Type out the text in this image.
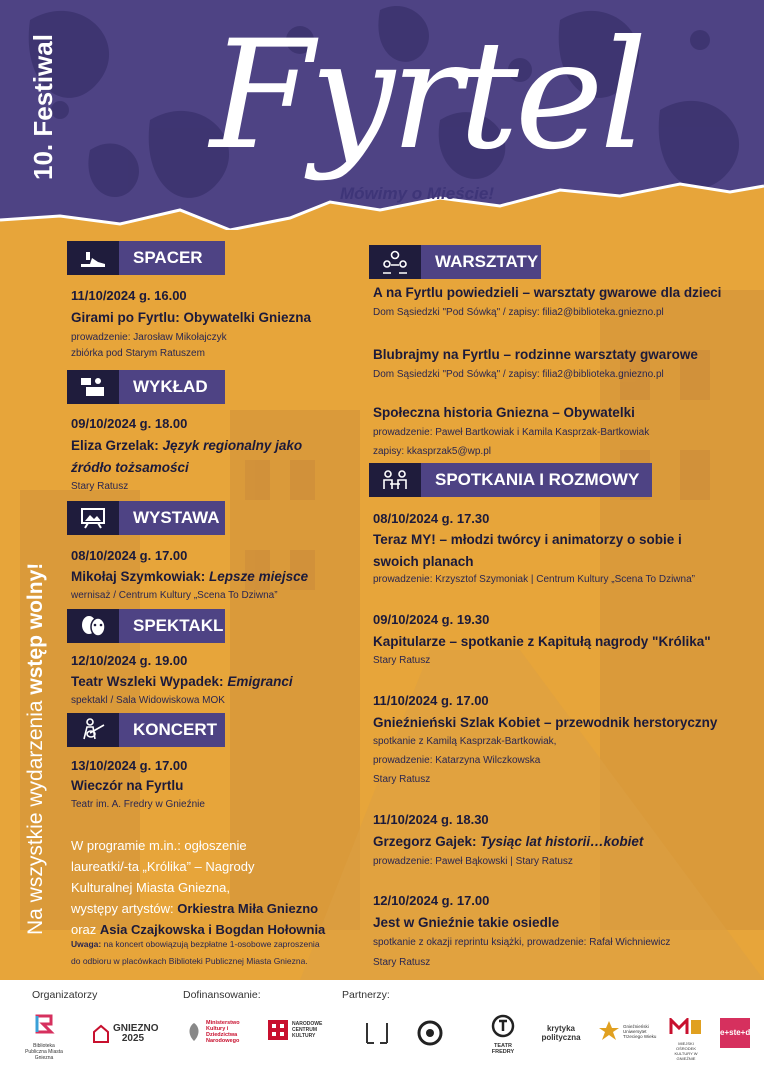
Fyrtel
Mówimy o Mieście!
10. Festiwal
Na wszystkie wydarzenia wstęp wolny!
SPACER
11/10/2024 g. 16.00
Girami po Fyrtlu: Obywatelki Gniezna
prowadzenie: Jarosław Mikołajczyk
zbiórka pod Starym Ratuszem
WYKŁAD
09/10/2024 g. 18.00
Eliza Grzelak: Język regionalny jako
źródło tożsamości
Stary Ratusz
WYSTAWA
08/10/2024 g. 17.00
Mikołaj Szymkowiak: Lepsze miejsce
wernisaż / Centrum Kultury „Scena To Dziwna”
SPEKTAKL
12/10/2024 g. 19.00
Teatr Wszleki Wypadek: Emigranci
spektakl / Sala Widowiskowa MOK
KONCERT
13/10/2024 g. 17.00
Wieczór na Fyrtlu
Teatr im. A. Fredry w Gnieźnie
W programie m.in.: ogłoszenie
laureatki/-ta „Królika” – Nagrody
Kulturalnej Miasta Gniezna,
występy artystów: Orkiestra Miła Gniezno
oraz Asia Czajkowska i Bogdan Hołownia
Uwaga: na koncert obowiązują bezpłatne 1-osobowe zaproszenia
do odbioru w placówkach Biblioteki Publicznej Miasta Gniezna.
WARSZTATY
A na Fyrtlu powiedzieli – warsztaty gwarowe dla dzieci
Dom Sąsiedzki "Pod Sówką" / zapisy: filia2@biblioteka.gniezno.pl
Blubrajmy na Fyrtlu – rodzinne warsztaty gwarowe
Dom Sąsiedzki "Pod Sówką" / zapisy: filia2@biblioteka.gniezno.pl
Społeczna historia Gniezna – Obywatelki
prowadzenie: Paweł Bartkowiak i Kamila Kasprzak-Bartkowiak
zapisy: kkasprzak5@wp.pl
SPOTKANIA I ROZMOWY
08/10/2024 g. 17.30
Teraz MY! – młodzi twórcy i animatorzy o sobie i
swoich planach
prowadzenie: Krzysztof Szymoniak | Centrum Kultury „Scena To Dziwna”
09/10/2024 g. 19.30
Kapitularze – spotkanie z Kapitułą nagrody "Królika"
Stary Ratusz
11/10/2024 g. 17.00
Gnieźnieński Szlak Kobiet – przewodnik herstoryczny
spotkanie z Kamilą Kasprzak-Bartkowiak,
prowadzenie: Katarzyna Wilczkowska
Stary Ratusz
11/10/2024 g. 18.30
Grzegorz Gajek: Tysiąc lat historii…kobiet
prowadzenie: Paweł Bąkowski | Stary Ratusz
12/10/2024 g. 17.00
Jest w Gnieźnie takie osiedle
spotkanie z okazji reprintu książki, prowadzenie: Rafał Wichniewicz
Stary Ratusz
Organizatorzy	Dofinansowanie:	Partnerzy:
Biblioteka Publiczna Miasta Gniezna
GNIEZNO 2025
Ministerstwo Kultury i Dziedzictwa Narodowego
NARODOWE CENTRUM KULTURY
TEATR FREDRY
krytyka polityczna
Gnieźnieński Uniwersytet Trzeciego Wieku
MIEJSKI OŚRODEK KULTURY W GNIEŹNIE
e+ste+de
